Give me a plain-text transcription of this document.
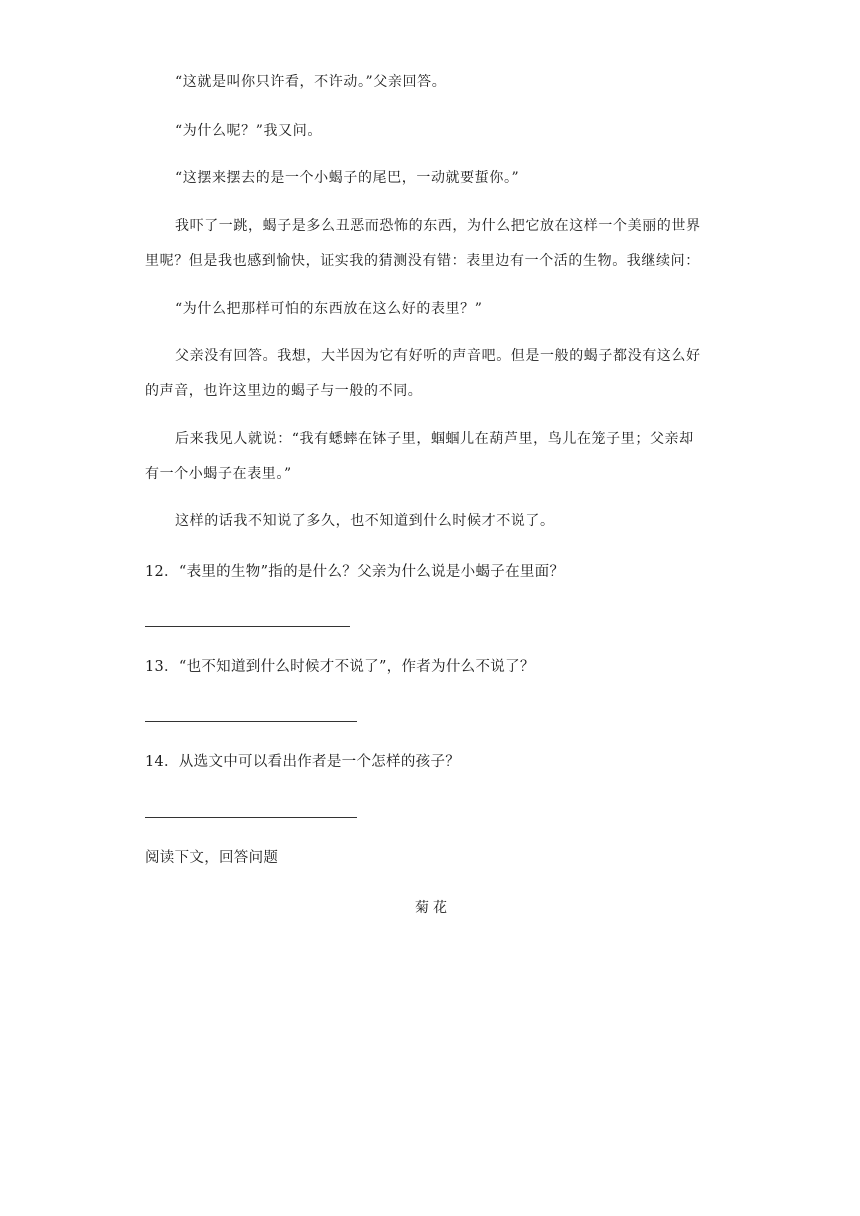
“这就是叫你只许看，不许动。”父亲回答。
“为什么呢？”我又问。
“这摆来摆去的是一个小蝎子的尾巴，一动就要蜇你。”
我吓了一跳，蝎子是多么丑恶而恐怖的东西，为什么把它放在这样一个美丽的世界
里呢？但是我也感到愉快，证实我的猜测没有错：表里边有一个活的生物。我继续问：
“为什么把那样可怕的东西放在这么好的表里？”
父亲没有回答。我想，大半因为它有好听的声音吧。但是一般的蝎子都没有这么好
的声音，也许这里边的蝎子与一般的不同。
后来我见人就说：“我有蟋蟀在钵子里，蝈蝈儿在葫芦里，鸟儿在笼子里；父亲却
有一个小蝎子在表里。”
这样的话我不知说了多久，也不知道到什么时候才不说了。
12．“表里的生物”指的是什么？父亲为什么说是小蝎子在里面？
13．“也不知道到什么时候才不说了”，作者为什么不说了？
14．从选文中可以看出作者是一个怎样的孩子？
阅读下文，回答问题
菊花
